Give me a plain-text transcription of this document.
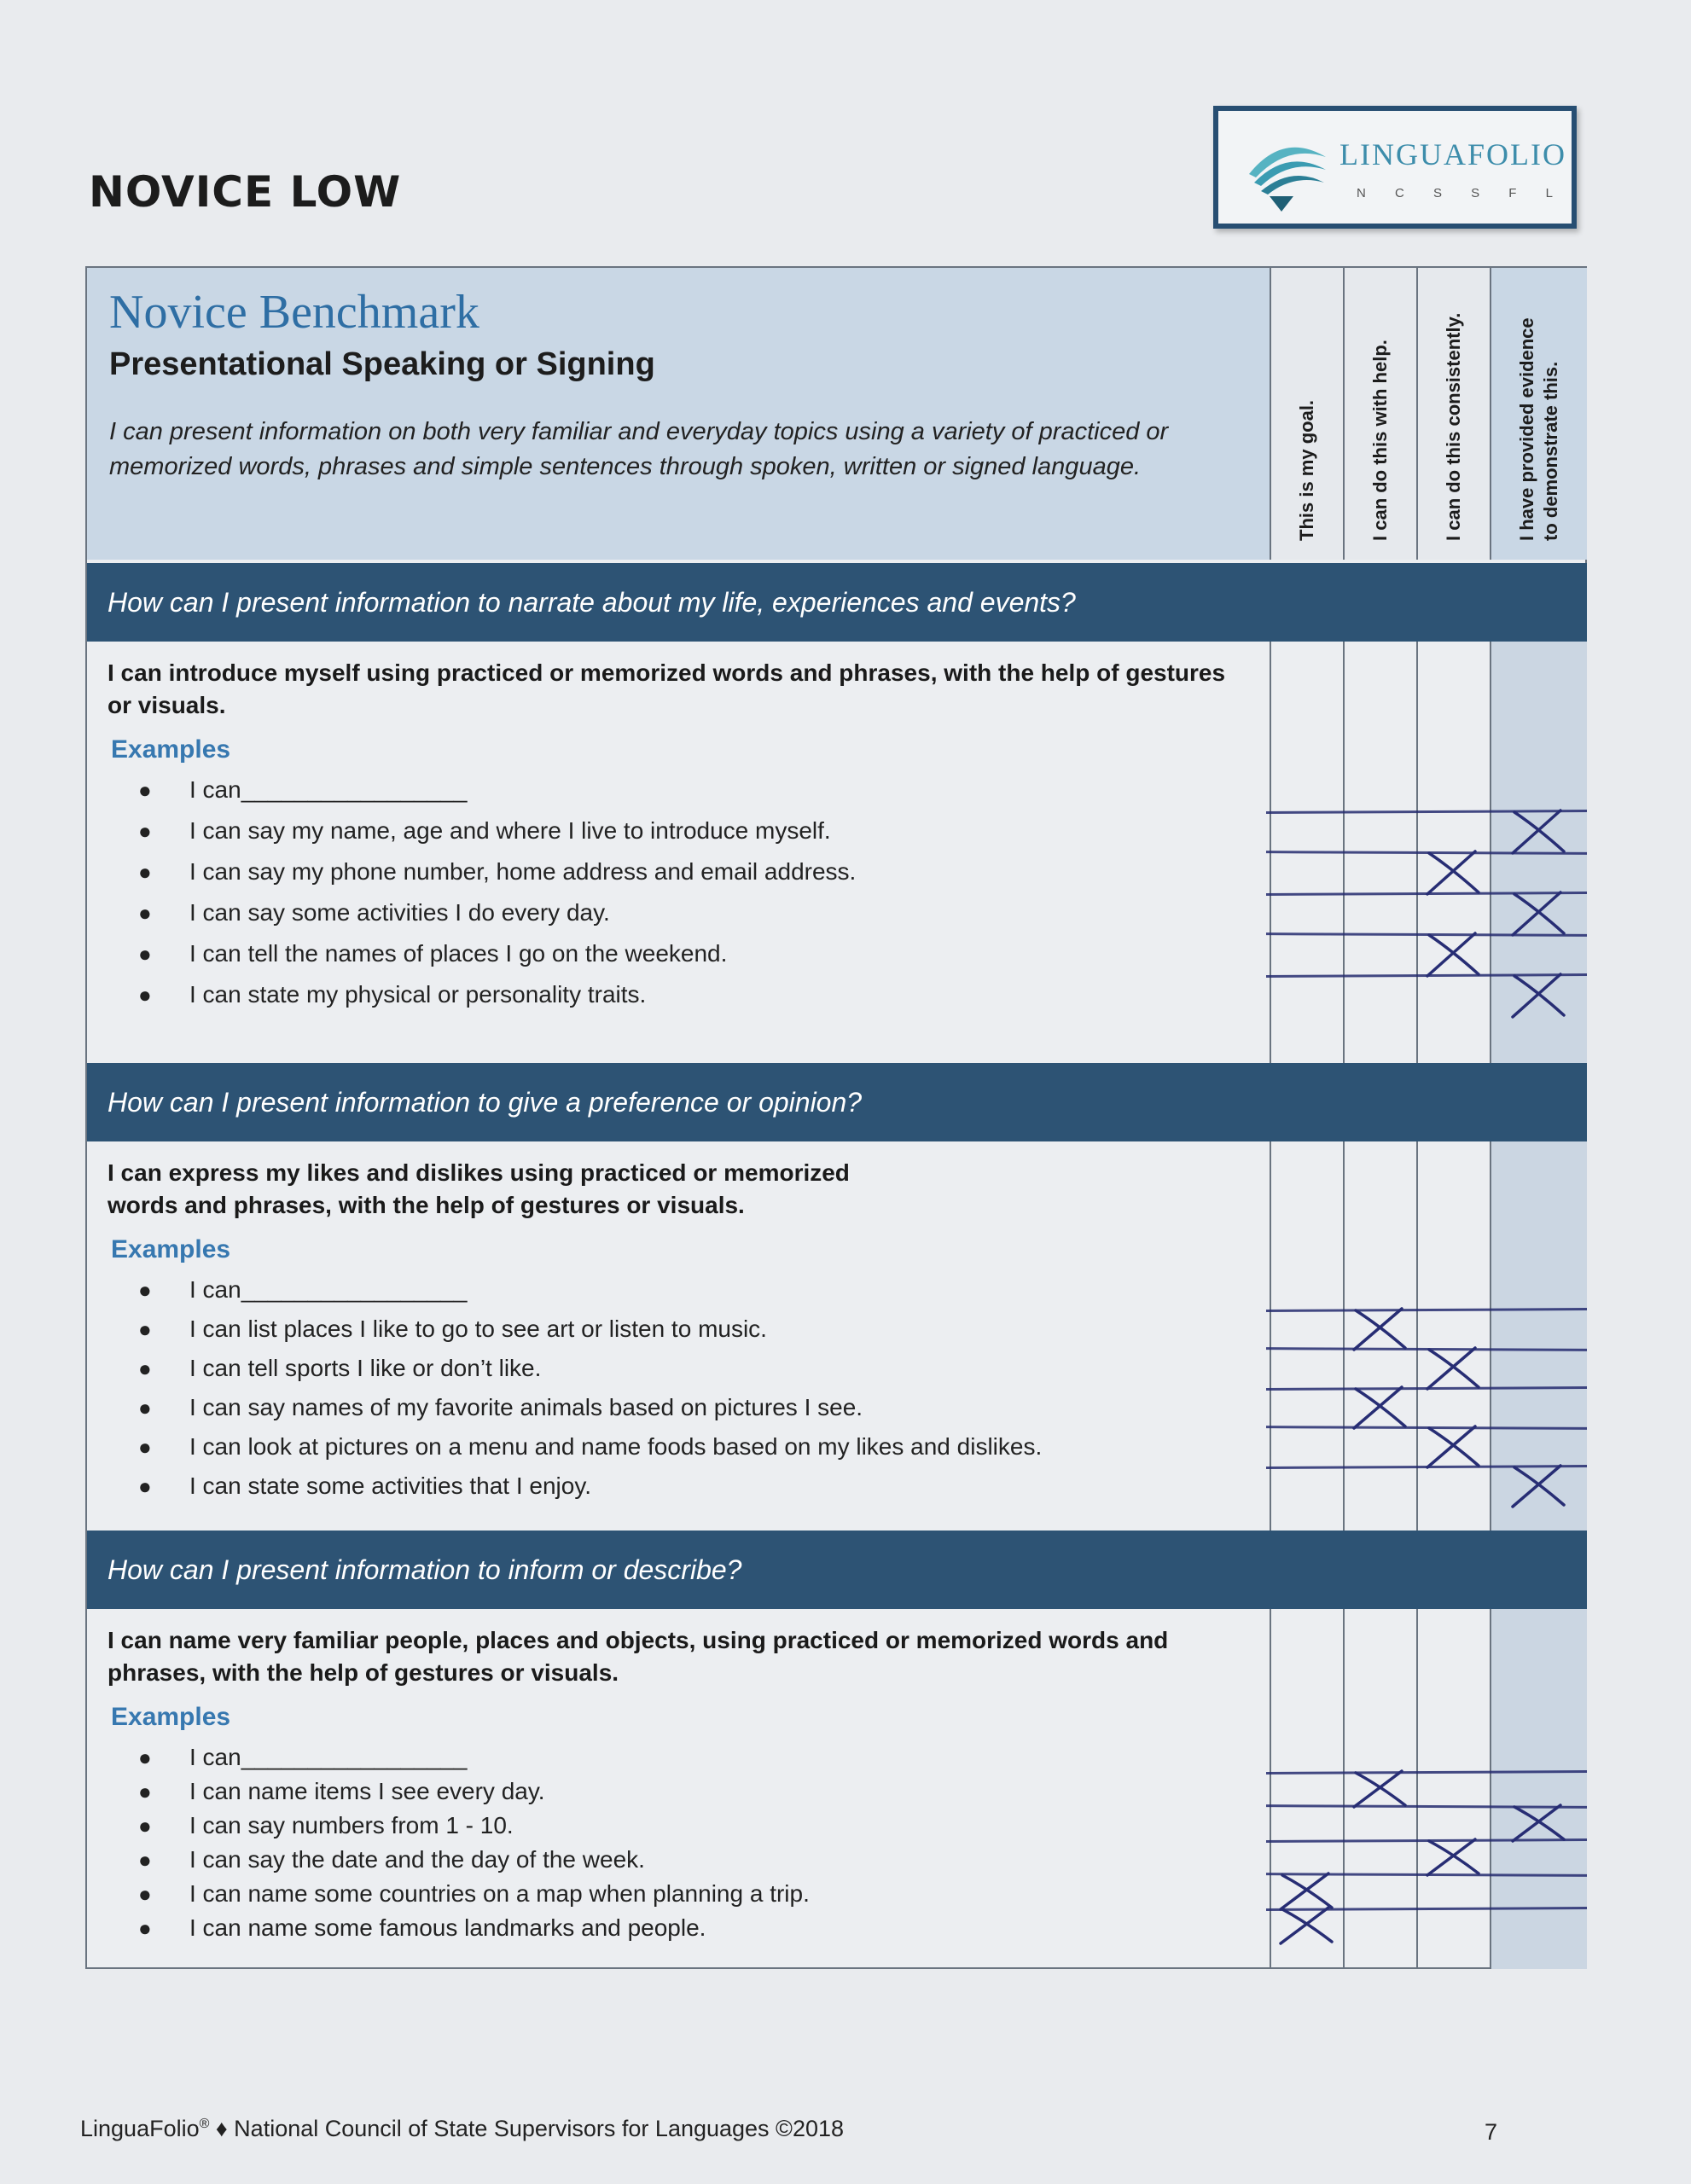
NOVICE LOW
LINGUAFOLIO
N C S S F L
Novice Benchmark
Presentational Speaking or Signing
I can present information on both very familiar and everyday topics using a variety of practiced or memorized words, phrases and simple sentences through spoken, written or signed language.	This is my goal.	I can do this with help.	I can do this consistently.	I have provided evidence to demonstrate this.
How can I present information to narrate about my life, experiences and events?
I can introduce myself using practiced or memorized words and phrases, with the help of gestures or visuals.
Examples
● I can_________________
● I can say my name, age and where I live to introduce myself.
● I can say my phone number, home address and email address.
● I can say some activities I do every day.
● I can tell the names of places I go on the weekend.
● I can state my physical or personality traits.
How can I present information to give a preference or opinion?
I can express my likes and dislikes using practiced or memorized words and phrases, with the help of gestures or visuals.
Examples
● I can_________________
● I can list places I like to go to see art or listen to music.
● I can tell sports I like or don’t like.
● I can say names of my favorite animals based on pictures I see.
● I can look at pictures on a menu and name foods based on my likes and dislikes.
● I can state some activities that I enjoy.
How can I present information to inform or describe?
I can name very familiar people, places and objects, using practiced or memorized words and phrases, with the help of gestures or visuals.
Examples
● I can_________________
● I can name items I see every day.
● I can say numbers from 1 - 10.
● I can say the date and the day of the week.
● I can name some countries on a map when planning a trip.
● I can name some famous landmarks and people.
LinguaFolio® ♦ National Council of State Supervisors for Languages ©2018	7
